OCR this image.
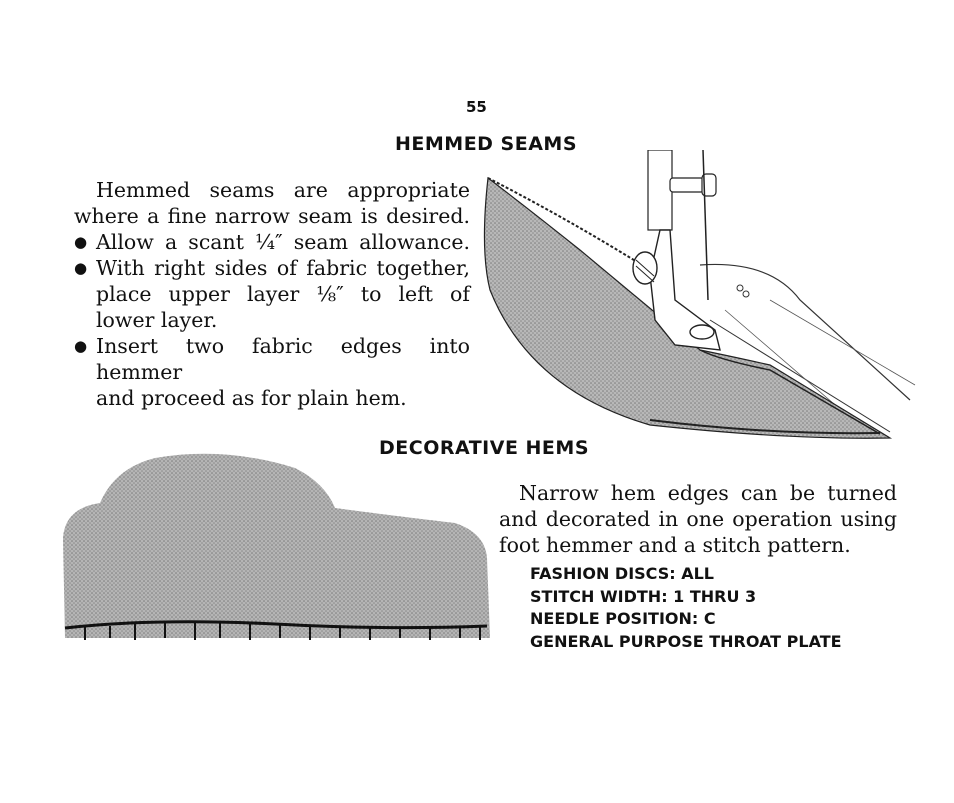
55
HEMMED SEAMS
Hemmed seams are appropriate
where a fine narrow seam is desired.
● Allow a scant ¼″ seam allowance.
● With right sides of fabric together,
place upper layer ⅛″ to left of
lower layer.
● Insert two fabric edges into hemmer
and proceed as for plain hem.
DECORATIVE HEMS
Narrow hem edges can be turned
and decorated in one operation using
foot hemmer and a stitch pattern.
FASHION DISCS: ALL
STITCH WIDTH: 1 THRU 3
NEEDLE POSITION: C
GENERAL PURPOSE THROAT PLATE
